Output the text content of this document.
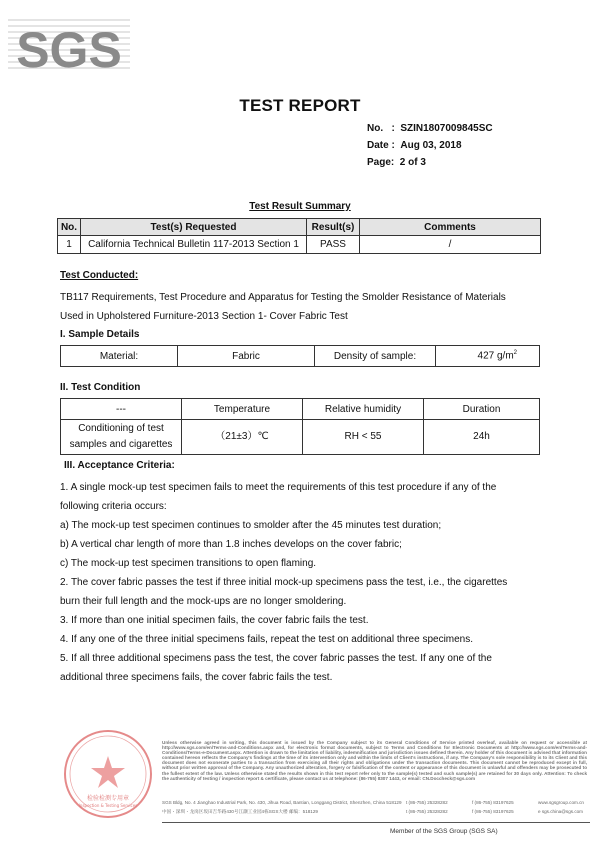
SGS
TEST REPORT
No.   :
SZIN1807009845SC
Date :
Aug 03, 2018
Page:
2 of 3
Test Result Summary
No.	Test(s) Requested	Result(s)	Comments
1	California Technical Bulletin 117-2013 Section 1	PASS	/
Test Conducted:
TB117 Requirements, Test Procedure and Apparatus for Testing the Smolder Resistance of Materials
Used in Upholstered Furniture-2013 Section 1- Cover Fabric Test
I. Sample Details
Material:	Fabric	Density of sample:	427 $g/m^2$
II. Test Condition
---	Temperature	Relative humidity	Duration

Conditioning of test
samples and cigarettes	（21±3）℃	RH < 55	24h
III. Acceptance Criteria:

1. A single mock-up test specimen fails to meet the requirements of this test procedure if any of the

following criteria occurs:

a) The mock-up test specimen continues to smolder after the 45 minutes test duration;

b) A vertical char length of more than 1.8 inches develops on the cover fabric;

c) The mock-up test specimen transitions to open flaming.

2. The cover fabric passes the test if three initial mock-up specimens pass the test, i.e., the cigarettes

burn their full length and the mock-ups are no longer smoldering.

3. If more than one initial specimen fails, the cover fabric fails the test.

4. If any one of the three initial specimens fails, repeat the test on additional three specimens.

5. If all three additional specimens pass the test, the cover fabric passes the test. If any one of the

additional three specimens fails, the cover fabric fails the test.

检验检测专用章
Inspection & Testing Services
Unless otherwise agreed in writing, this document is issued by the Company subject to its General Conditions of Service printed overleaf, available on request or accessible at http://www.sgs.com/en/Terms-and-Conditions.aspx and, for electronic format documents, subject to Terms and Conditions for Electronic Documents at http://www.sgs.com/en/Terms-and-Conditions/Terms-e-Document.aspx. Attention is drawn to the limitation of liability, indemnification and jurisdiction issues defined therein. Any holder of this document is advised that information contained hereon reflects the Company's findings at the time of its intervention only and within the limits of Client's instructions, if any. The Company's sole responsibility is to its Client and this document does not exonerate parties to a transaction from exercising all their rights and obligations under the transaction documents. This document cannot be reproduced except in full, without prior written approval of the Company. Any unauthorized alteration, forgery or falsification of the content or appearance of this document is unlawful and offenders may be prosecuted to the fullest extent of the law. Unless otherwise stated the results shown in this test report refer only to the sample(s) tested and such sample(s) are retained for 30 days only. Attention: To check the authenticity of testing / inspection report & certificate, please contact us at telephone: (86-755) 8307 1443, or email: CN.Doccheck@sgs.com
SGS Bldg, No. 4 Jianghao Industrial Park, No. 430, Jihua Road, Bantian, Longgang District, Shenzhen, China 518129 t (86-755) 25328282	f (86-755) 83197625	www.sgsgroup.com.cn
中国・深圳・龙岗区坂田吉华路430号江灏工业园4栋SGS大楼 邮编：518129	t (86-755) 25328282	f (86-755) 83197625	e sgs.china@sgs.com
Member of the SGS Group (SGS SA)
